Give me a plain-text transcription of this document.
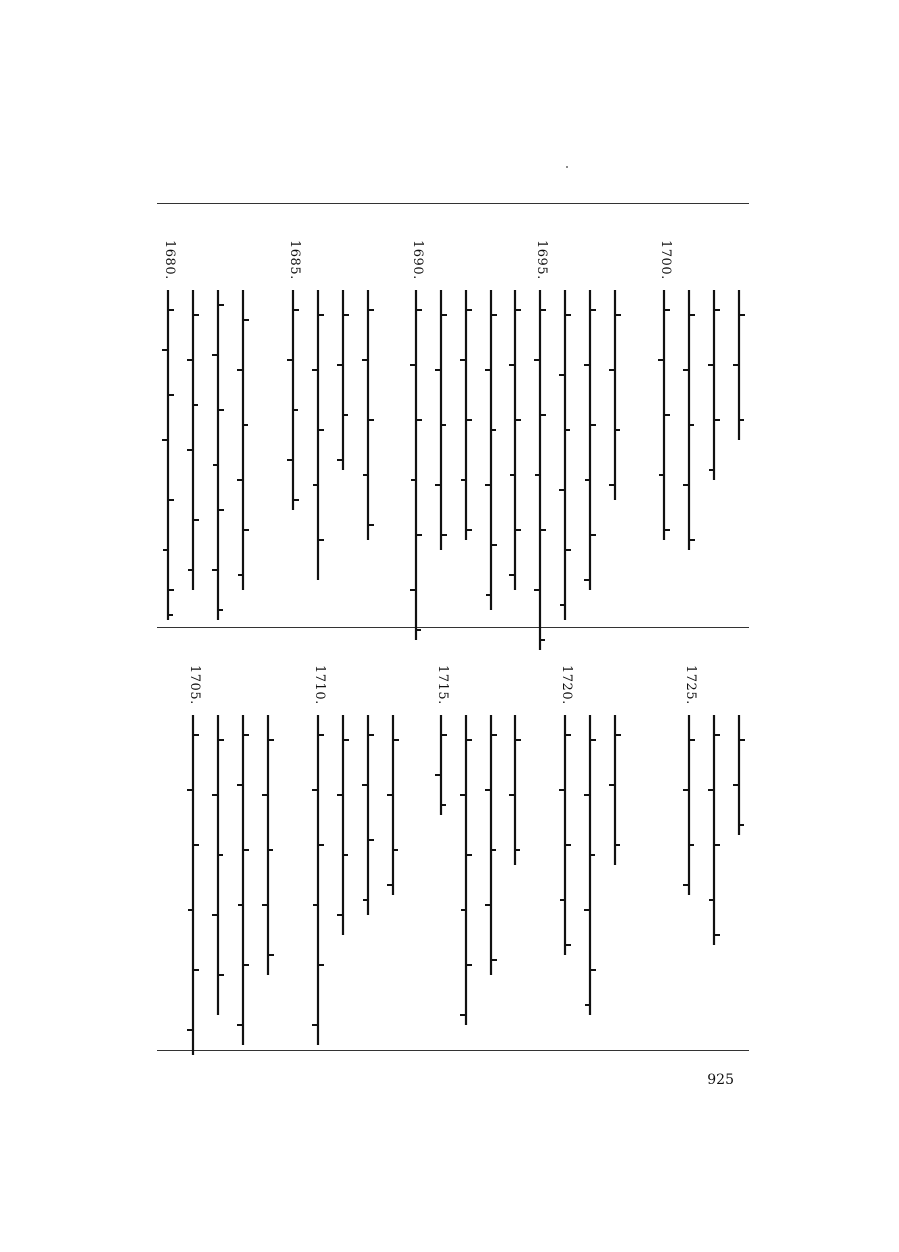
1680.	1685.	1690.	1695.	1700.
1705.	1710.	1715.	1720.	1725.
925
